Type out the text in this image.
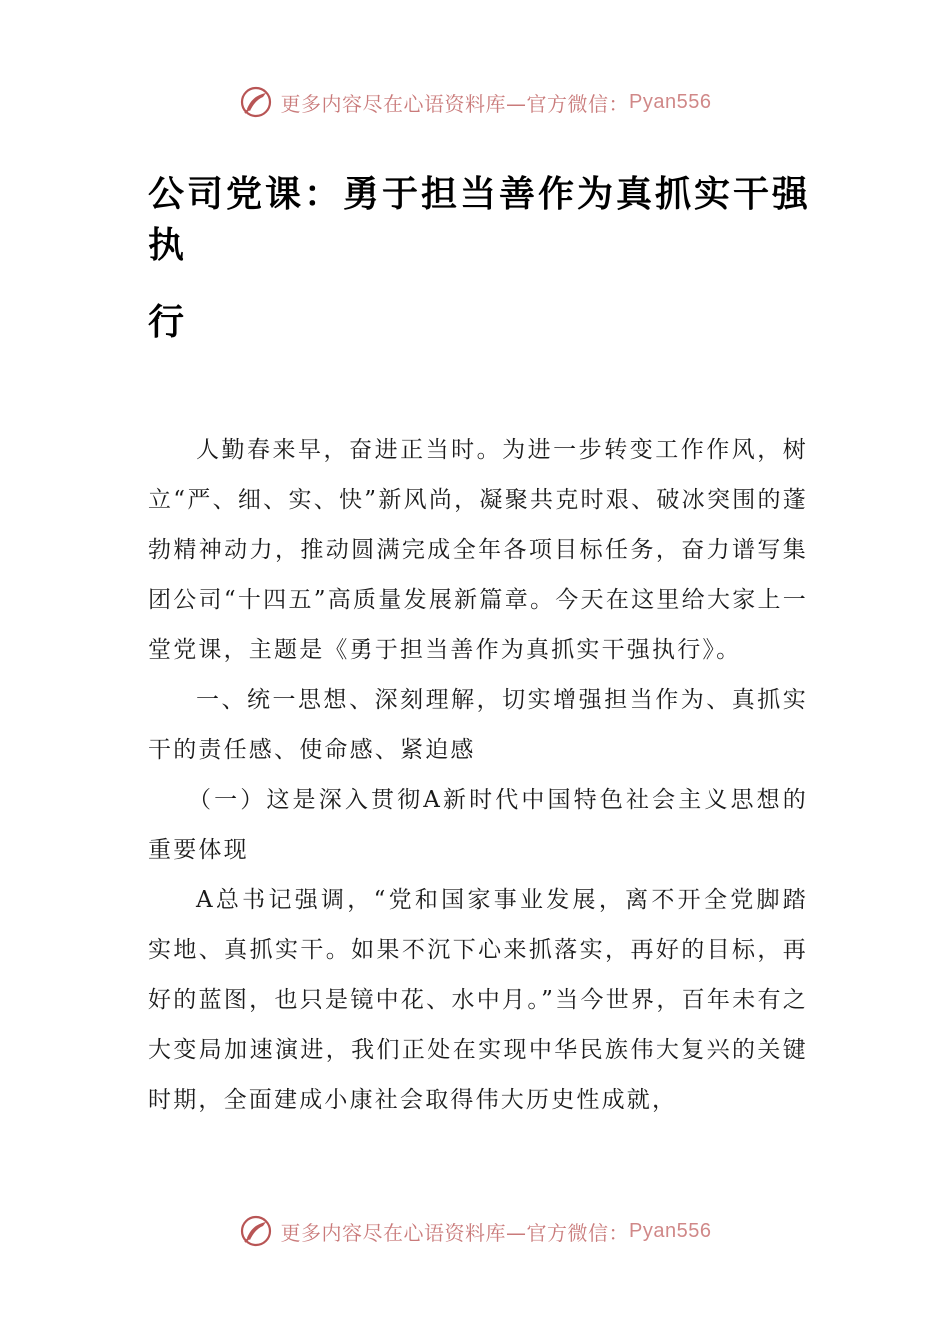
更多内容尽在心语资料库—官方微信： Pyan556
公司党课：勇于担当善作为真抓实干强执
行

人勤春来早，奋进正当时。为进一步转变工作作风，树立“严、细、实、快”新风尚，凝聚共克时艰、破冰突围的蓬勃精神动力，推动圆满完成全年各项目标任务，奋力谱写集团公司“十四五”高质量发展新篇章。今天在这里给大家上一堂党课，主题是《勇于担当善作为真抓实干强执行》。

一、统一思想、深刻理解，切实增强担当作为、真抓实干的责任感、使命感、紧迫感

（一）这是深入贯彻A新时代中国特色社会主义思想的重要体现

A总书记强调，“党和国家事业发展，离不开全党脚踏实地、真抓实干。如果不沉下心来抓落实，再好的目标，再好的蓝图，也只是镜中花、水中月。”当今世界，百年未有之大变局加速演进，我们正处在实现中华民族伟大复兴的关键时期，全面建成小康社会取得伟大历史性成就，

更多内容尽在心语资料库—官方微信： Pyan556
